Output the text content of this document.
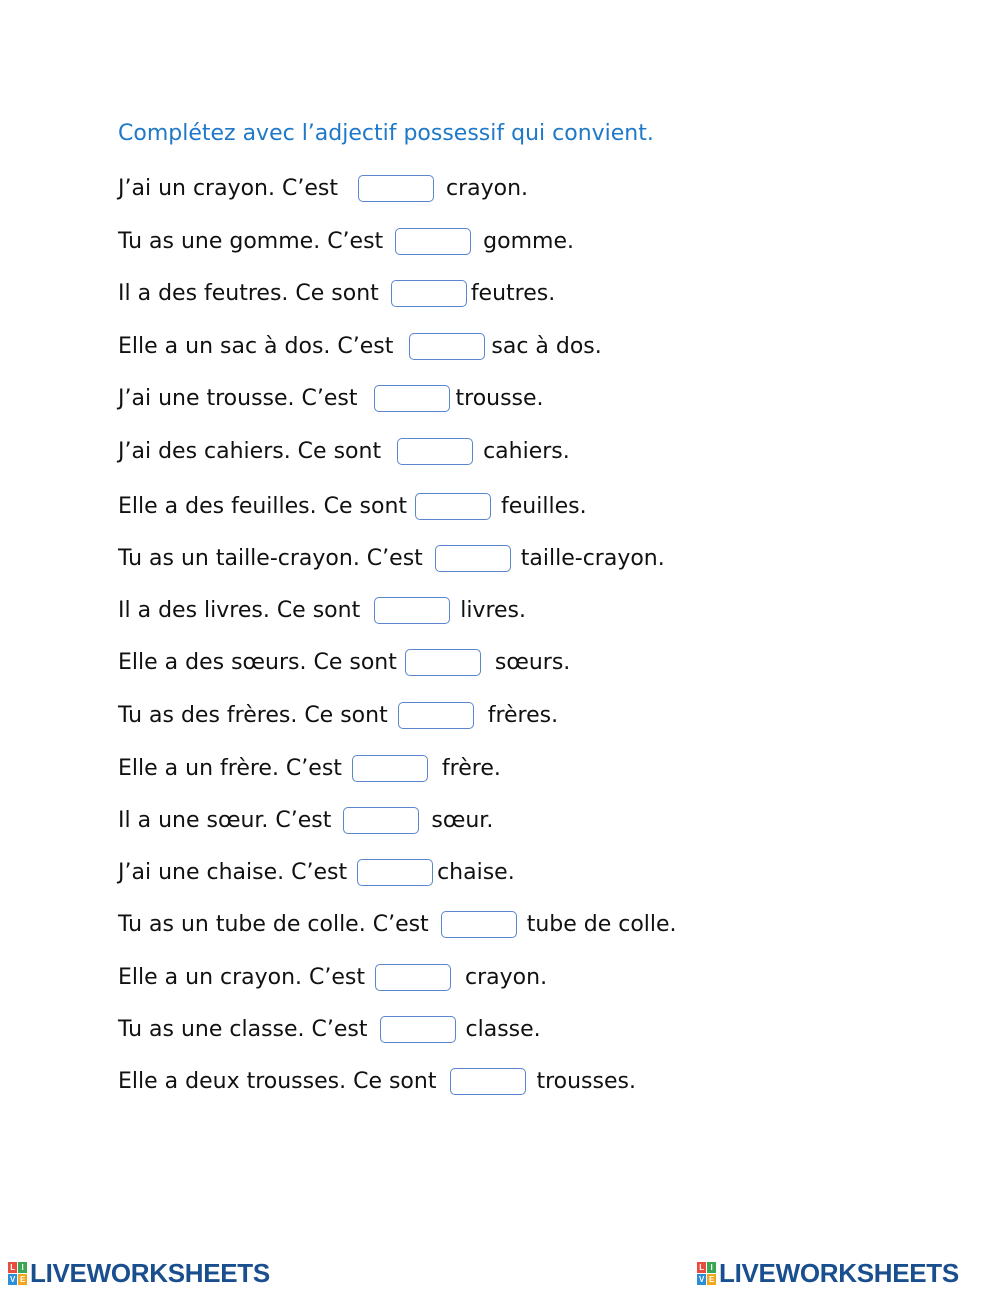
Complétez avec l’adjectif possessif qui convient.
J’ai un crayon. C’est	crayon.
Tu as une gomme. C’est	gomme.
Il a des feutres. Ce sont	feutres.
Elle a un sac à dos. C’est	sac à dos.
J’ai une trousse. C’est	trousse.
J’ai des cahiers. Ce sont	cahiers.
Elle a des feuilles. Ce sont	feuilles.
Tu as un taille-crayon. C’est	taille-crayon.
Il a des livres. Ce sont	livres.
Elle a des sœurs. Ce sont	sœurs.
Tu as des frères. Ce sont	frères.
Elle a un frère. C’est	frère.
Il a une sœur. C’est	sœur.
J’ai une chaise. C’est	chaise.
Tu as un tube de colle. C’est	tube de colle.
Elle a un crayon. C’est	crayon.
Tu as une classe. C’est	classe.
Elle a deux trousses. Ce sont	trousses.
L I
V E LIVEWORKSHEETS	L I
V E LIVEWORKSHEETS
